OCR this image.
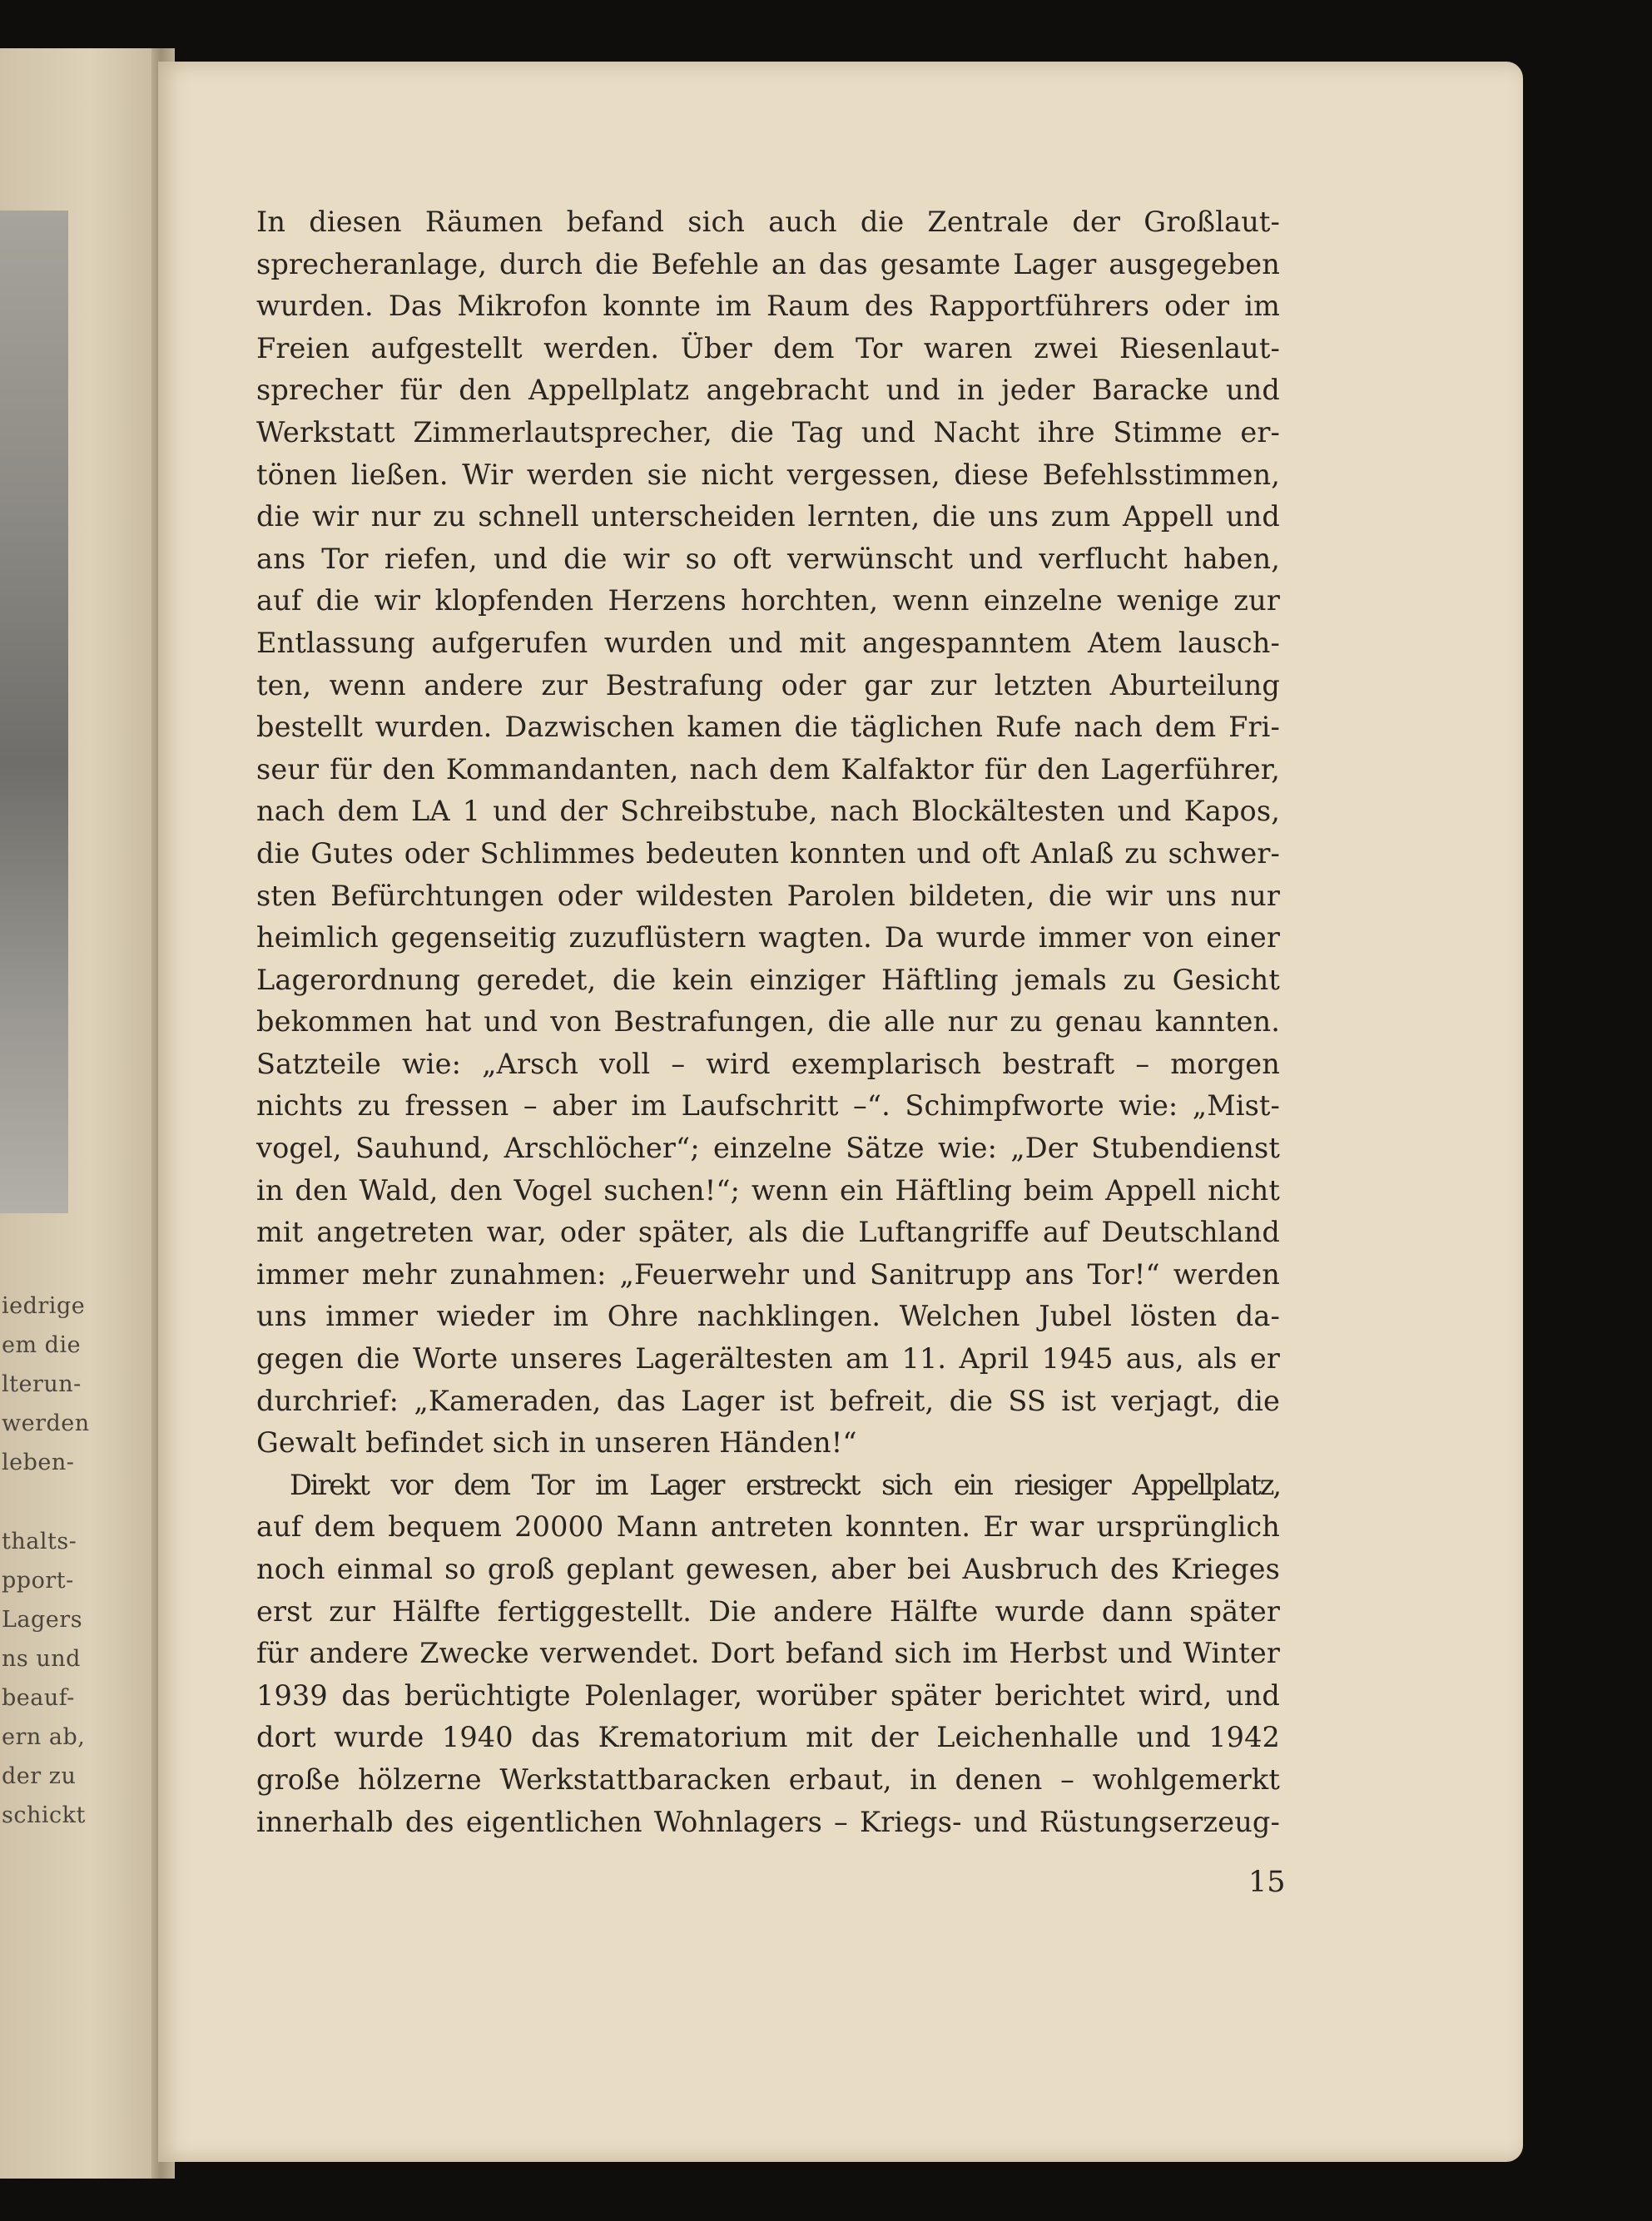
iedrige
em die
lterun-
werden
leben-
thalts-
pport-
Lagers
ns und
beauf-
ern ab,
der zu
schickt

In diesen Räumen befand sich auch die Zentrale der Großlaut-
sprecheranlage, durch die Befehle an das gesamte Lager ausgegeben
wurden. Das Mikrofon konnte im Raum des Rapportführers oder im
Freien aufgestellt werden. Über dem Tor waren zwei Riesenlaut-
sprecher für den Appellplatz angebracht und in jeder Baracke und
Werkstatt Zimmerlautsprecher, die Tag und Nacht ihre Stimme er-
tönen ließen. Wir werden sie nicht vergessen, diese Befehlsstimmen,
die wir nur zu schnell unterscheiden lernten, die uns zum Appell und
ans Tor riefen, und die wir so oft verwünscht und verflucht haben,
auf die wir klopfenden Herzens horchten, wenn einzelne wenige zur
Entlassung aufgerufen wurden und mit angespanntem Atem lausch-
ten, wenn andere zur Bestrafung oder gar zur letzten Aburteilung
bestellt wurden. Dazwischen kamen die täglichen Rufe nach dem Fri-
seur für den Kommandanten, nach dem Kalfaktor für den Lagerführer,
nach dem LA 1 und der Schreibstube, nach Blockältesten und Kapos,
die Gutes oder Schlimmes bedeuten konnten und oft Anlaß zu schwer-
sten Befürchtungen oder wildesten Parolen bildeten, die wir uns nur
heimlich gegenseitig zuzuflüstern wagten. Da wurde immer von einer
Lagerordnung geredet, die kein einziger Häftling jemals zu Gesicht
bekommen hat und von Bestrafungen, die alle nur zu genau kannten.
Satzteile wie: „Arsch voll – wird exemplarisch bestraft – morgen
nichts zu fressen – aber im Laufschritt –“. Schimpfworte wie: „Mist-
vogel, Sauhund, Arschlöcher“; einzelne Sätze wie: „Der Stubendienst
in den Wald, den Vogel suchen!“; wenn ein Häftling beim Appell nicht
mit angetreten war, oder später, als die Luftangriffe auf Deutschland
immer mehr zunahmen: „Feuerwehr und Sanitrupp ans Tor!“ werden
uns immer wieder im Ohre nachklingen. Welchen Jubel lösten da-
gegen die Worte unseres Lagerältesten am 11. April 1945 aus, als er
durchrief: „Kameraden, das Lager ist befreit, die SS ist verjagt, die
Gewalt befindet sich in unseren Händen!“

Direkt vor dem Tor im Lager erstreckt sich ein riesiger Appellplatz,
auf dem bequem 20000 Mann antreten konnten. Er war ursprünglich
noch einmal so groß geplant gewesen, aber bei Ausbruch des Krieges
erst zur Hälfte fertiggestellt. Die andere Hälfte wurde dann später
für andere Zwecke verwendet. Dort befand sich im Herbst und Winter
1939 das berüchtigte Polenlager, worüber später berichtet wird, und
dort wurde 1940 das Krematorium mit der Leichenhalle und 1942
große hölzerne Werkstattbaracken erbaut, in denen – wohlgemerkt
innerhalb des eigentlichen Wohnlagers – Kriegs- und Rüstungserzeug-

15
